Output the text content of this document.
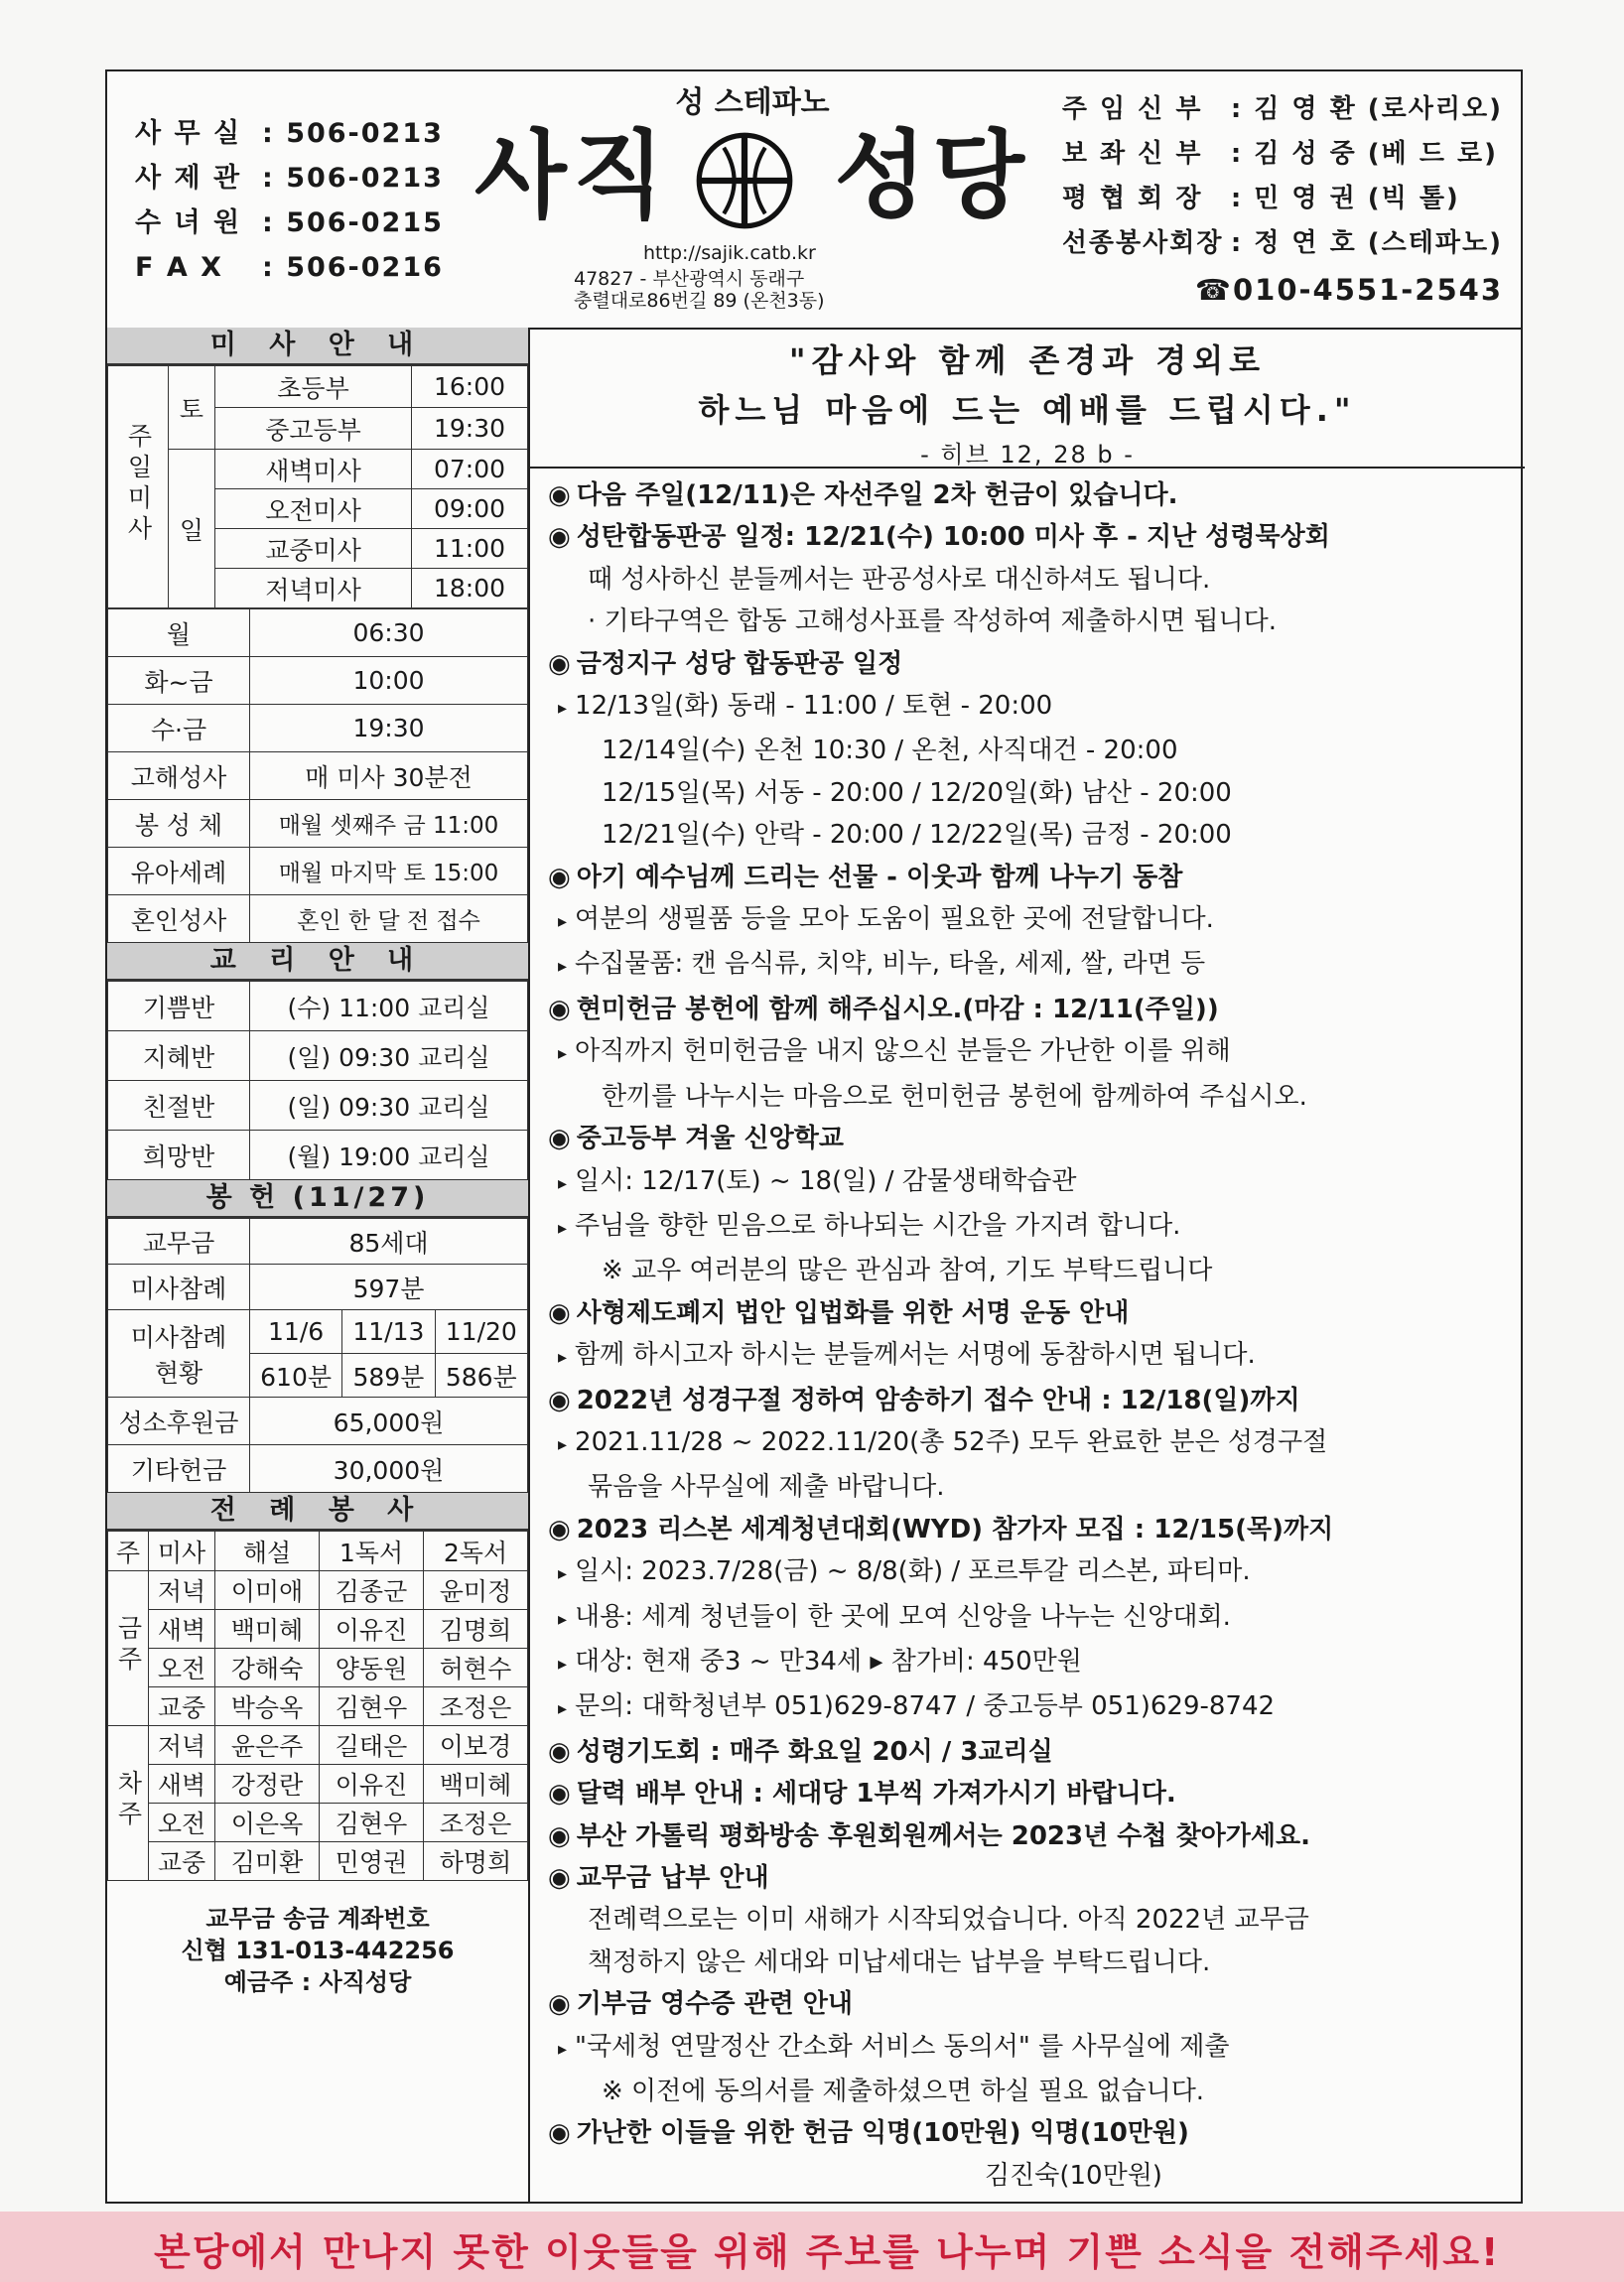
사 무 실 : 506-0213
사 제 관 : 506-0213
수 녀 원 : 506-0215
F A X : 506-0216
성 스테파노
사직 성당
http://sajik.catb.kr
47827 - 부산광역시 동래구
충렬대로86번길 89 (온천3동)
주 임 신 부 : 김 영 환 (로사리오)
보 좌 신 부 : 김 성 중 (베 드 로)
평 협 회 장 : 민 영 권 (빅 톨)
선종봉사회장 : 정 연 호 (스테파노)
☎010-4551-2543
미 사 안 내
주일미사	토	초등부	16:00
		중고등부	19:30
	일	새벽미사	07:00
		오전미사	09:00
		교중미사	11:00
		저녁미사	18:00
월	06:30
화~금	10:00
수·금	19:30
고해성사	매 미사 30분전
봉 성 체	매월 셋째주 금 11:00
유아세례	매월 마지막 토 15:00
혼인성사	혼인 한 달 전 접수
교 리 안 내
기쁨반	(수) 11:00 교리실
지혜반	(일) 09:30 교리실
친절반	(일) 09:30 교리실
희망반	(월) 19:00 교리실
봉 헌 (11/27)
교무금	85세대		
미사참례	597분		

미사참례
현황	11/6	11/13	11/20
	610분	589분	586분
성소후원금	65,000원		
기타헌금	30,000원		
전 례 봉 사
주	미사	해설	1독서	2독서
금주	저녁	이미애	김종군	윤미정
	새벽	백미혜	이유진	김명희
	오전	강해숙	양동원	허현수
	교중	박승옥	김현우	조정은
차주	저녁	윤은주	길태은	이보경
	새벽	강정란	이유진	백미혜
	오전	이은옥	김현우	조정은
	교중	김미환	민영권	하명희
교무금 송금 계좌번호
신협 131-013-442256
예금주 : 사직성당
"감사와 함께 존경과 경외로
하느님 마음에 드는 예배를 드립시다."
- 히브 12, 28 b -
◉ 다음 주일(12/11)은 자선주일 2차 헌금이 있습니다.
◉ 성탄합동판공 일정: 12/21(수) 10:00 미사 후 - 지난 성령묵상회
때 성사하신 분들께서는 판공성사로 대신하셔도 됩니다.
· 기타구역은 합동 고해성사표를 작성하여 제출하시면 됩니다.
◉ 금정지구 성당 합동판공 일정
▸ 12/13일(화) 동래 - 11:00 / 토현 - 20:00
12/14일(수) 온천 10:30 / 온천, 사직대건 - 20:00
12/15일(목) 서동 - 20:00 / 12/20일(화) 남산 - 20:00
12/21일(수) 안락 - 20:00 / 12/22일(목) 금정 - 20:00
◉ 아기 예수님께 드리는 선물 - 이웃과 함께 나누기 동참
▸ 여분의 생필품 등을 모아 도움이 필요한 곳에 전달합니다.
▸ 수집물품: 캔 음식류, 치약, 비누, 타올, 세제, 쌀, 라면 등
◉ 현미헌금 봉헌에 함께 해주십시오.(마감 : 12/11(주일))
▸ 아직까지 헌미헌금을 내지 않으신 분들은 가난한 이를 위해
한끼를 나누시는 마음으로 헌미헌금 봉헌에 함께하여 주십시오.
◉ 중고등부 겨울 신앙학교
▸ 일시: 12/17(토) ~ 18(일) / 감물생태학습관
▸ 주님을 향한 믿음으로 하나되는 시간을 가지려 합니다.
※ 교우 여러분의 많은 관심과 참여, 기도 부탁드립니다
◉ 사형제도폐지 법안 입법화를 위한 서명 운동 안내
▸ 함께 하시고자 하시는 분들께서는 서명에 동참하시면 됩니다.
◉ 2022년 성경구절 정하여 암송하기 접수 안내 : 12/18(일)까지
▸ 2021.11/28 ~ 2022.11/20(총 52주) 모두 완료한 분은 성경구절
묶음을 사무실에 제출 바랍니다.
◉ 2023 리스본 세계청년대회(WYD) 참가자 모집 : 12/15(목)까지
▸ 일시: 2023.7/28(금) ~ 8/8(화) / 포르투갈 리스본, 파티마.
▸ 내용: 세계 청년들이 한 곳에 모여 신앙을 나누는 신앙대회.
▸ 대상: 현재 중3 ~ 만34세 ▸ 참가비: 450만원
▸ 문의: 대학청년부 051)629-8747 / 중고등부 051)629-8742
◉ 성령기도회 : 매주 화요일 20시 / 3교리실
◉ 달력 배부 안내 : 세대당 1부씩 가져가시기 바랍니다.
◉ 부산 가톨릭 평화방송 후원회원께서는 2023년 수첩 찾아가세요.
◉ 교무금 납부 안내
전례력으로는 이미 새해가 시작되었습니다. 아직 2022년 교무금
책정하지 않은 세대와 미납세대는 납부을 부탁드립니다.
◉ 기부금 영수증 관련 안내
▸ "국세청 연말정산 간소화 서비스 동의서" 를 사무실에 제출
※ 이전에 동의서를 제출하셨으면 하실 필요 없습니다.
◉ 가난한 이들을 위한 헌금 익명(10만원) 익명(10만원)
김진숙(10만원)
본당에서 만나지 못한 이웃들을 위해 주보를 나누며 기쁜 소식을 전해주세요!
